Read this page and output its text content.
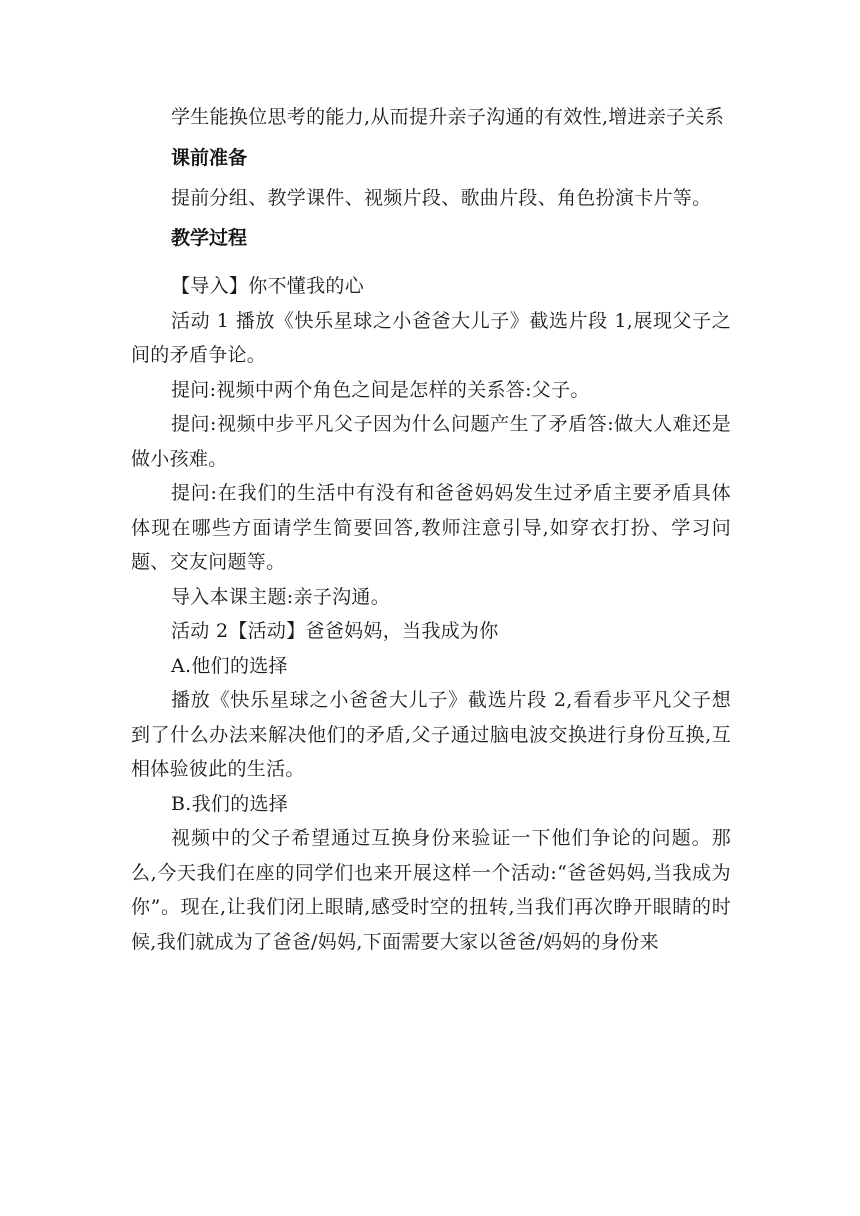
学生能换位思考的能力,从而提升亲子沟通的有效性,增进亲子关系

课前准备

提前分组、教学课件、视频片段、歌曲片段、角色扮演卡片等。

教学过程

【导入】你不懂我的心

活动 1 播放《快乐星球之小爸爸大儿子》截选片段 1,展现父子之间的矛盾争论。

提问:视频中两个角色之间是怎样的关系答:父子。

提问:视频中步平凡父子因为什么问题产生了矛盾答:做大人难还是做小孩难。

提问:在我们的生活中有没有和爸爸妈妈发生过矛盾主要矛盾具体体现在哪些方面请学生简要回答,教师注意引导,如穿衣打扮、学习问题、交友问题等。

导入本课主题:亲子沟通。

活动 2【活动】爸爸妈妈，当我成为你

A.他们的选择

播放《快乐星球之小爸爸大儿子》截选片段 2,看看步平凡父子想到了什么办法来解决他们的矛盾,父子通过脑电波交换进行身份互换,互相体验彼此的生活。

B.我们的选择

视频中的父子希望通过互换身份来验证一下他们争论的问题。那么,今天我们在座的同学们也来开展这样一个活动:“爸爸妈妈,当我成为你”。现在,让我们闭上眼睛,感受时空的扭转,当我们再次睁开眼睛的时候,我们就成为了爸爸/妈妈,下面需要大家以爸爸/妈妈的身份来
